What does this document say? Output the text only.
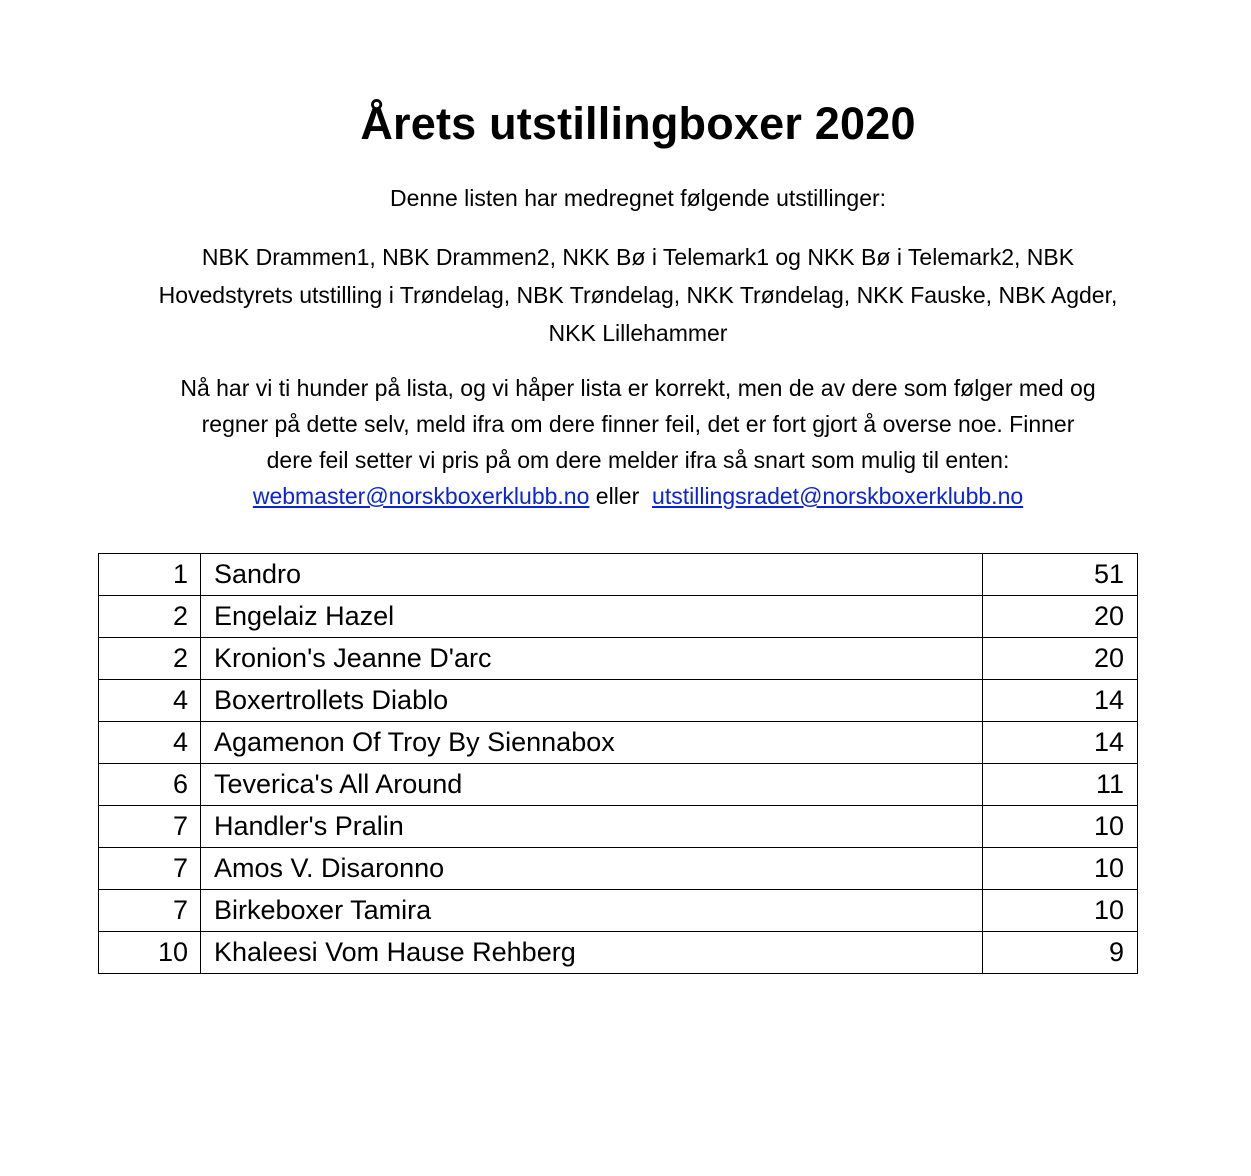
Årets utstillingboxer 2020
Denne listen har medregnet følgende utstillinger:
NBK Drammen1, NBK Drammen2, NKK Bø i Telemark1 og NKK Bø i Telemark2, NBK
Hovedstyrets utstilling i Trøndelag, NBK Trøndelag, NKK Trøndelag, NKK Fauske, NBK Agder,
NKK Lillehammer
Nå har vi ti hunder på lista, og vi håper lista er korrekt, men de av dere som følger med og
regner på dette selv, meld ifra om dere finner feil, det er fort gjort å overse noe. Finner
dere feil setter vi pris på om dere melder ifra så snart som mulig til enten:
webmaster@norskboxerklubb.no eller utstillingsradet@norskboxerklubb.no
1	Sandro	51
2	Engelaiz Hazel	20
2	Kronion's Jeanne D'arc	20
4	Boxertrollets Diablo	14
4	Agamenon Of Troy By Siennabox	14
6	Teverica's All Around	11
7	Handler's Pralin	10
7	Amos V. Disaronno	10
7	Birkeboxer Tamira	10
10	Khaleesi Vom Hause Rehberg	9
